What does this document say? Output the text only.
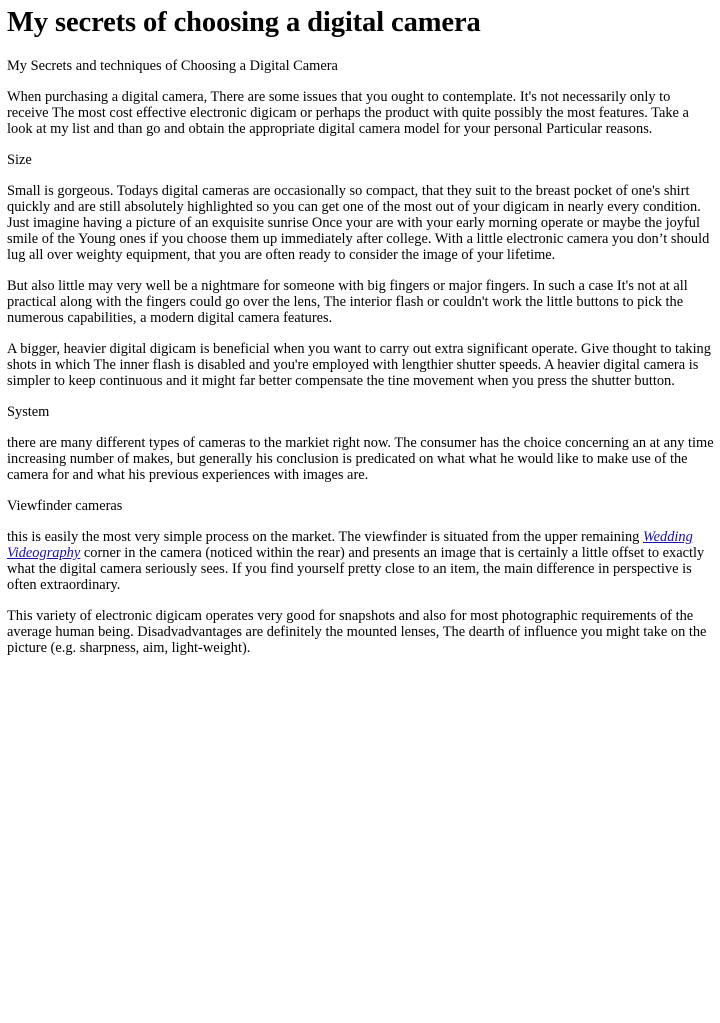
My secrets of choosing a digital camera

My Secrets and techniques of Choosing a Digital Camera

When purchasing a digital camera, There are some issues that you ought to contemplate. It's not necessarily only to receive The most cost effective electronic digicam or perhaps the product with quite possibly the most features. Take a look at my list and than go and obtain the appropriate digital camera model for your personal Particular reasons.

Size

Small is gorgeous. Todays digital cameras are occasionally so compact, that they suit to the breast pocket of one's shirt quickly and are still absolutely highlighted so you can get one of the most out of your digicam in nearly every condition. Just imagine having a picture of an exquisite sunrise Once your are with your early morning operate or maybe the joyful smile of the Young ones if you choose them up immediately after college. With a little electronic camera you don’t should lug all over weighty equipment, that you are often ready to consider the image of your lifetime.

But also little may very well be a nightmare for someone with big fingers or major fingers. In such a case It's not at all practical along with the fingers could go over the lens, The interior flash or couldn't work the little buttons to pick the numerous capabilities, a modern digital camera features.

A bigger, heavier digital digicam is beneficial when you want to carry out extra significant operate. Give thought to taking shots in which The inner flash is disabled and you're employed with lengthier shutter speeds. A heavier digital camera is simpler to keep continuous and it might far better compensate the tine movement when you press the shutter button.

System

there are many different types of cameras to the markiet right now. The consumer has the choice concerning an at any time increasing number of makes, but generally his conclusion is predicated on what what he would like to make use of the camera for and what his previous experiences with images are.

Viewfinder cameras

this is easily the most very simple process on the market. The viewfinder is situated from the upper remaining Wedding Videography corner in the camera (noticed within the rear) and presents an image that is certainly a little offset to exactly what the digital camera seriously sees. If you find yourself pretty close to an item, the main difference in perspective is often extraordinary.

This variety of electronic digicam operates very good for snapshots and also for most photographic requirements of the average human being. Disadvadvantages are definitely the mounted lenses, The dearth of influence you might take on the picture (e.g. sharpness, aim, light-weight).
